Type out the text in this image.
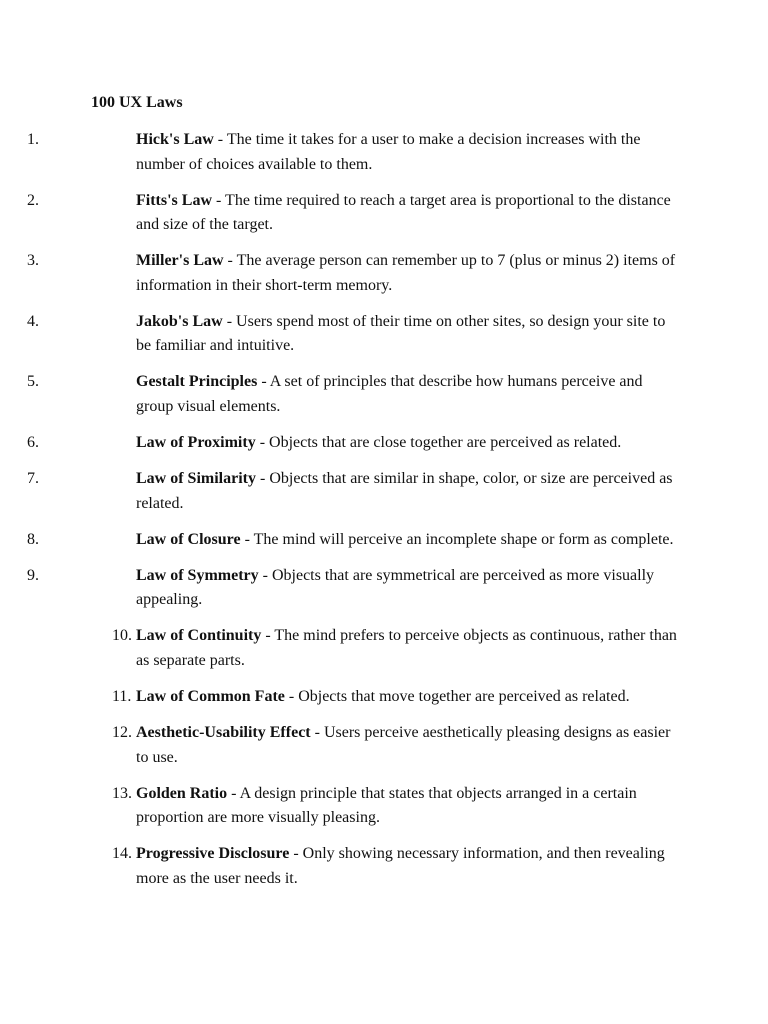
100 UX Laws
1.	Hick's Law - The time it takes for a user to make a decision increases with the number of choices available to them.
2.	Fitts's Law - The time required to reach a target area is proportional to the distance and size of the target.
3.	Miller's Law - The average person can remember up to 7 (plus or minus 2) items of information in their short-term memory.
4.	Jakob's Law - Users spend most of their time on other sites, so design your site to be familiar and intuitive.
5.	Gestalt Principles - A set of principles that describe how humans perceive and group visual elements.
6.	Law of Proximity - Objects that are close together are perceived as related.
7.	Law of Similarity - Objects that are similar in shape, color, or size are perceived as related.
8.	Law of Closure - The mind will perceive an incomplete shape or form as complete.
9.	Law of Symmetry - Objects that are symmetrical are perceived as more visually appealing.
10. Law of Continuity - The mind prefers to perceive objects as continuous, rather than as separate parts.
11. Law of Common Fate - Objects that move together are perceived as related.
12. Aesthetic-Usability Effect - Users perceive aesthetically pleasing designs as easier to use.
13. Golden Ratio - A design principle that states that objects arranged in a certain proportion are more visually pleasing.
14. Progressive Disclosure - Only showing necessary information, and then revealing more as the user needs it.
